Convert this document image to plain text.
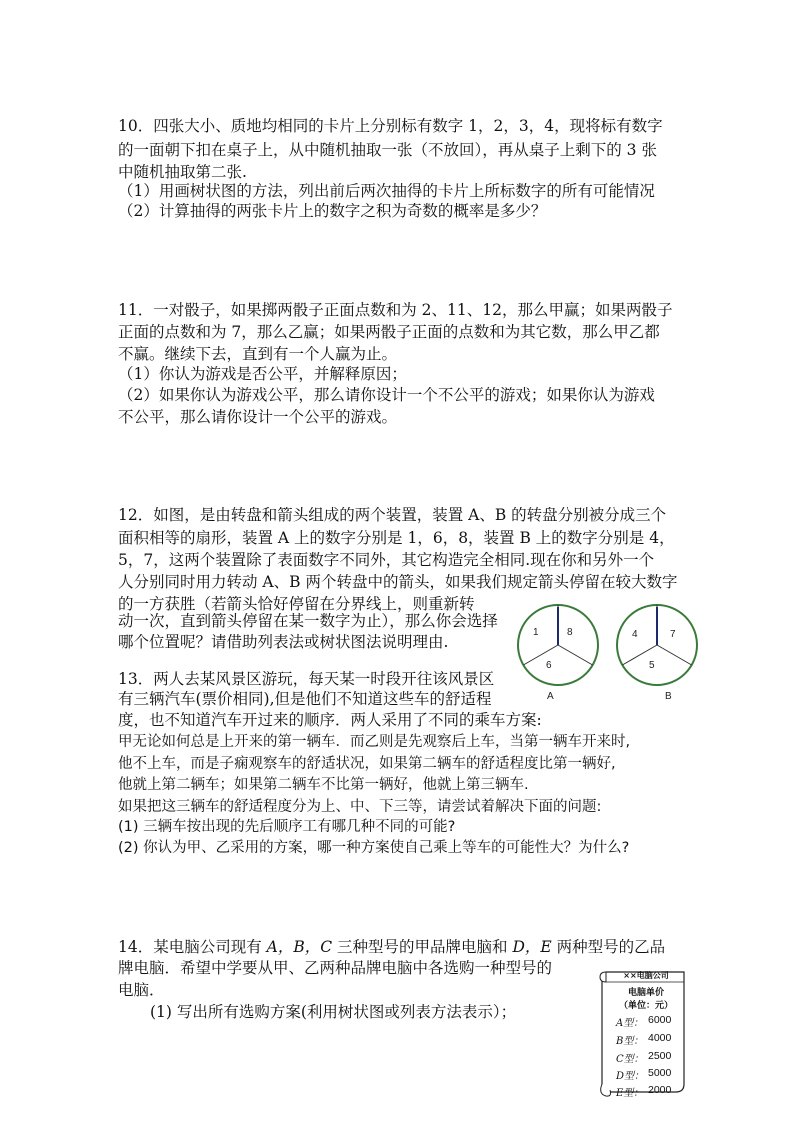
10．四张大小、质地均相同的卡片上分别标有数字 1，2，3，4，现将标有数字
的一面朝下扣在桌子上，从中随机抽取一张（不放回），再从桌子上剩下的 3 张
中随机抽取第二张.
（1）用画树状图的方法，列出前后两次抽得的卡片上所标数字的所有可能情况
（2）计算抽得的两张卡片上的数字之积为奇数的概率是多少？
11．一对骰子，如果掷两骰子正面点数和为 2、11、12，那么甲赢；如果两骰子
正面的点数和为 7，那么乙赢；如果两骰子正面的点数和为其它数，那么甲乙都
不赢。继续下去，直到有一个人赢为止。
（1）你认为游戏是否公平，并解释原因；
（2）如果你认为游戏公平，那么请你设计一个不公平的游戏；如果你认为游戏
不公平，那么请你设计一个公平的游戏。
12．如图，是由转盘和箭头组成的两个装置，装置 A、B 的转盘分别被分成三个
面积相等的扇形，装置 A 上的数字分别是 1，6，8，装置 B 上的数字分别是 4，
5，7，这两个装置除了表面数字不同外，其它构造完全相同.现在你和另外一个
人分别同时用力转动 A、B 两个转盘中的箭头，如果我们规定箭头停留在较大数字
的一方获胜（若箭头恰好停留在分界线上，则重新转
动一次，直到箭头停留在某一数字为止），那么你会选择
哪个位置呢？请借助列表法或树状图法说明理由.
1	8
6
A
4	7
5
B
13．两人去某风景区游玩，每天某一时段开往该风景区
有三辆汽车(票价相同),但是他们不知道这些车的舒适程
度，也不知道汽车开过来的顺序．两人采用了不同的乘车方案:
甲无论如何总是上开来的第一辆车．而乙则是先观察后上车，当第一辆车开来时,
他不上车，而是子痫观察车的舒适状况，如果第二辆车的舒适程度比第一辆好,
他就上第二辆车；如果第二辆车不比第一辆好，他就上第三辆车.
如果把这三辆车的舒适程度分为上、中、下三等，请尝试着解决下面的问题:
(1) 三辆车按出现的先后顺序工有哪几种不同的可能?
(2) 你认为甲、乙采用的方案，哪一种方案使自己乘上等车的可能性大？为什么?
14．某电脑公司现有 A，B，C 三种型号的甲品牌电脑和 D，E 两种型号的乙品
牌电脑．希望中学要从甲、乙两种品牌电脑中各选购一种型号的
电脑．
(1) 写出所有选购方案(利用树状图或列表方法表示）；
××电脑公司
电脑单价
（单位：元）
A型： 6000
B型： 4000
C型： 2500
D型： 5000
E型： 2000
